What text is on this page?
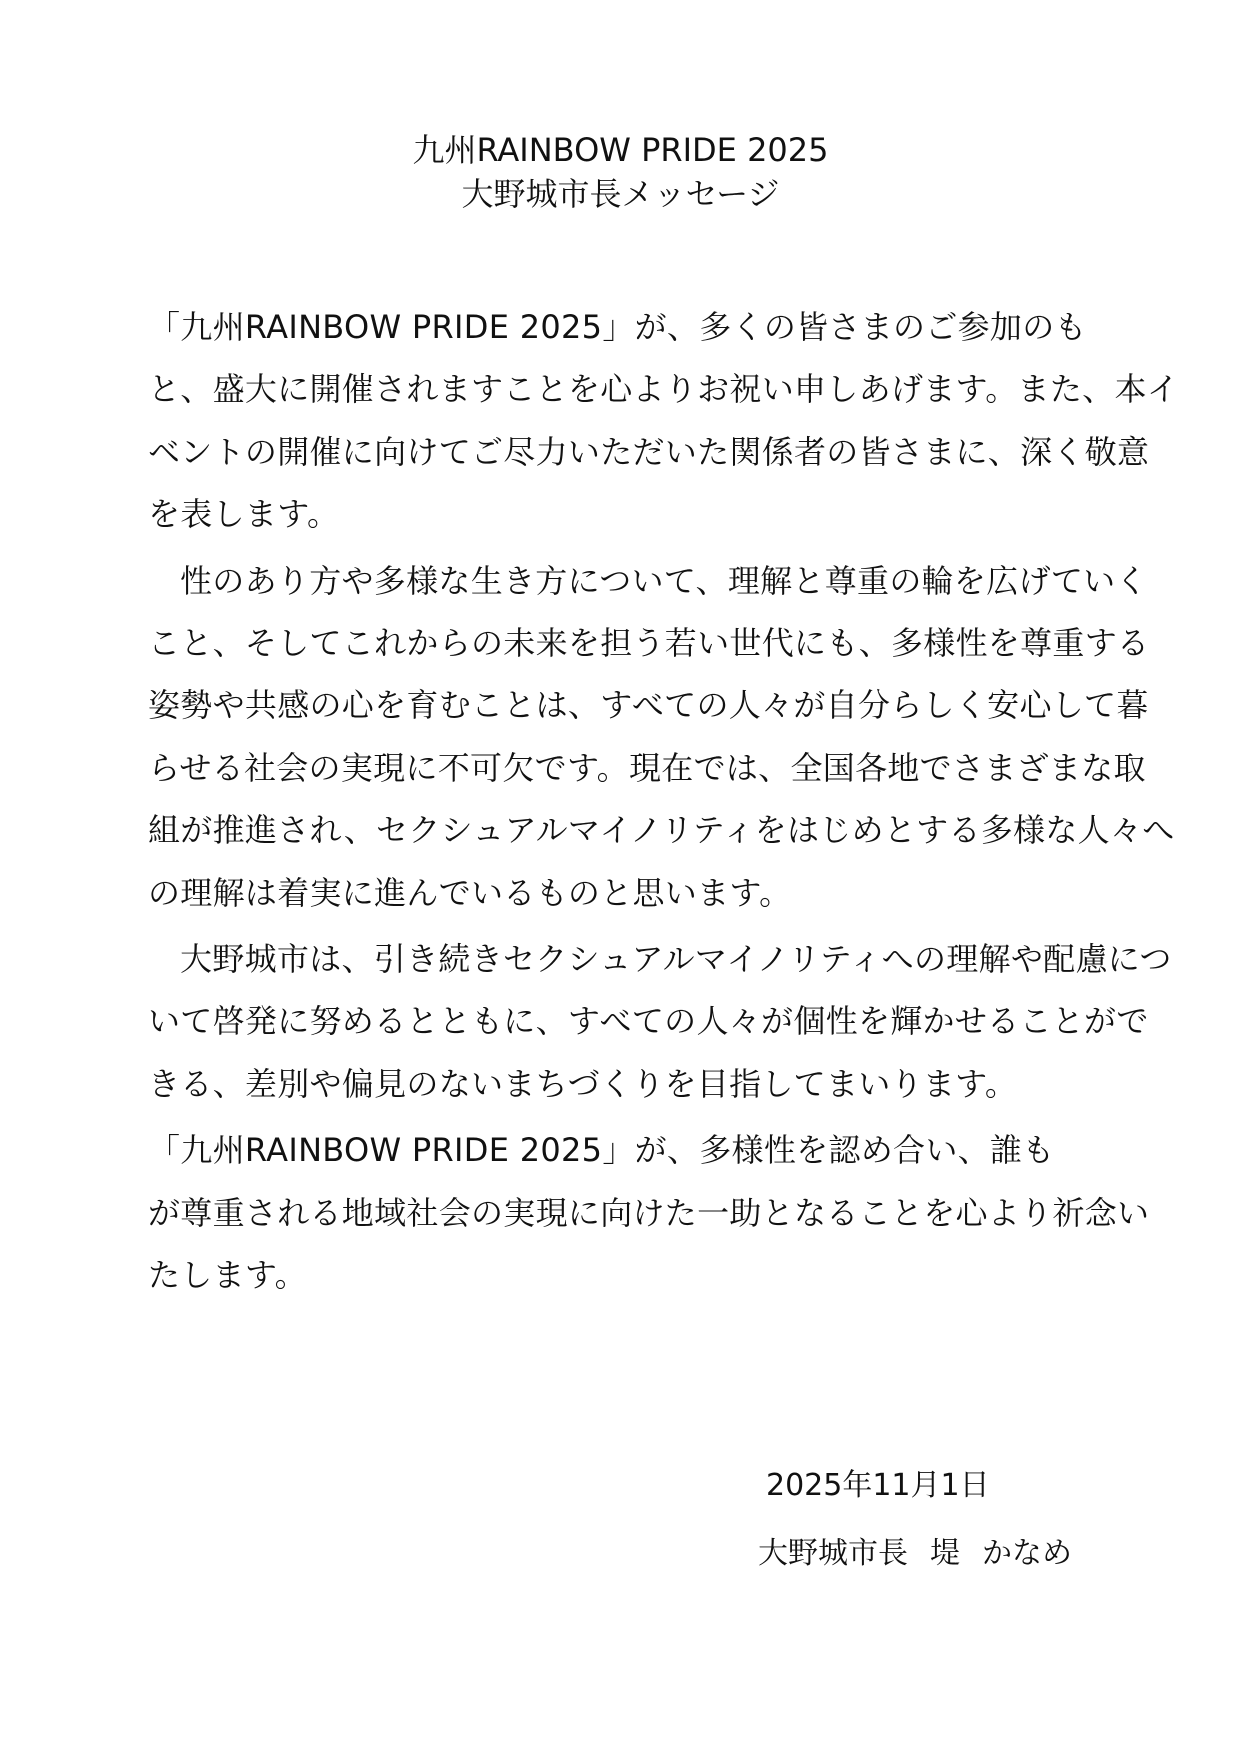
九州RAINBOW PRIDE 2025
大野城市長メッセージ
「九州RAINBOW PRIDE 2025」が、多くの皆さまのご参加のも
と、盛大に開催されますことを心よりお祝い申しあげます。また、本イ
ベントの開催に向けてご尽力いただいた関係者の皆さまに、深く敬意
を表します。
性のあり方や多様な生き方について、理解と尊重の輪を広げていく
こと、そしてこれからの未来を担う若い世代にも、多様性を尊重する
姿勢や共感の心を育むことは、すべての人々が自分らしく安心して暮
らせる社会の実現に不可欠です。現在では、全国各地でさまざまな取
組が推進され、セクシュアルマイノリティをはじめとする多様な人々へ
の理解は着実に進んでいるものと思います。
大野城市は、引き続きセクシュアルマイノリティへの理解や配慮につ
いて啓発に努めるとともに、すべての人々が個性を輝かせることがで
きる、差別や偏見のないまちづくりを目指してまいります。
「九州RAINBOW PRIDE 2025」が、多様性を認め合い、誰も
が尊重される地域社会の実現に向けた一助となることを心より祈念い
たします。
2025年11月1日
大野城市長 堤 かなめ
